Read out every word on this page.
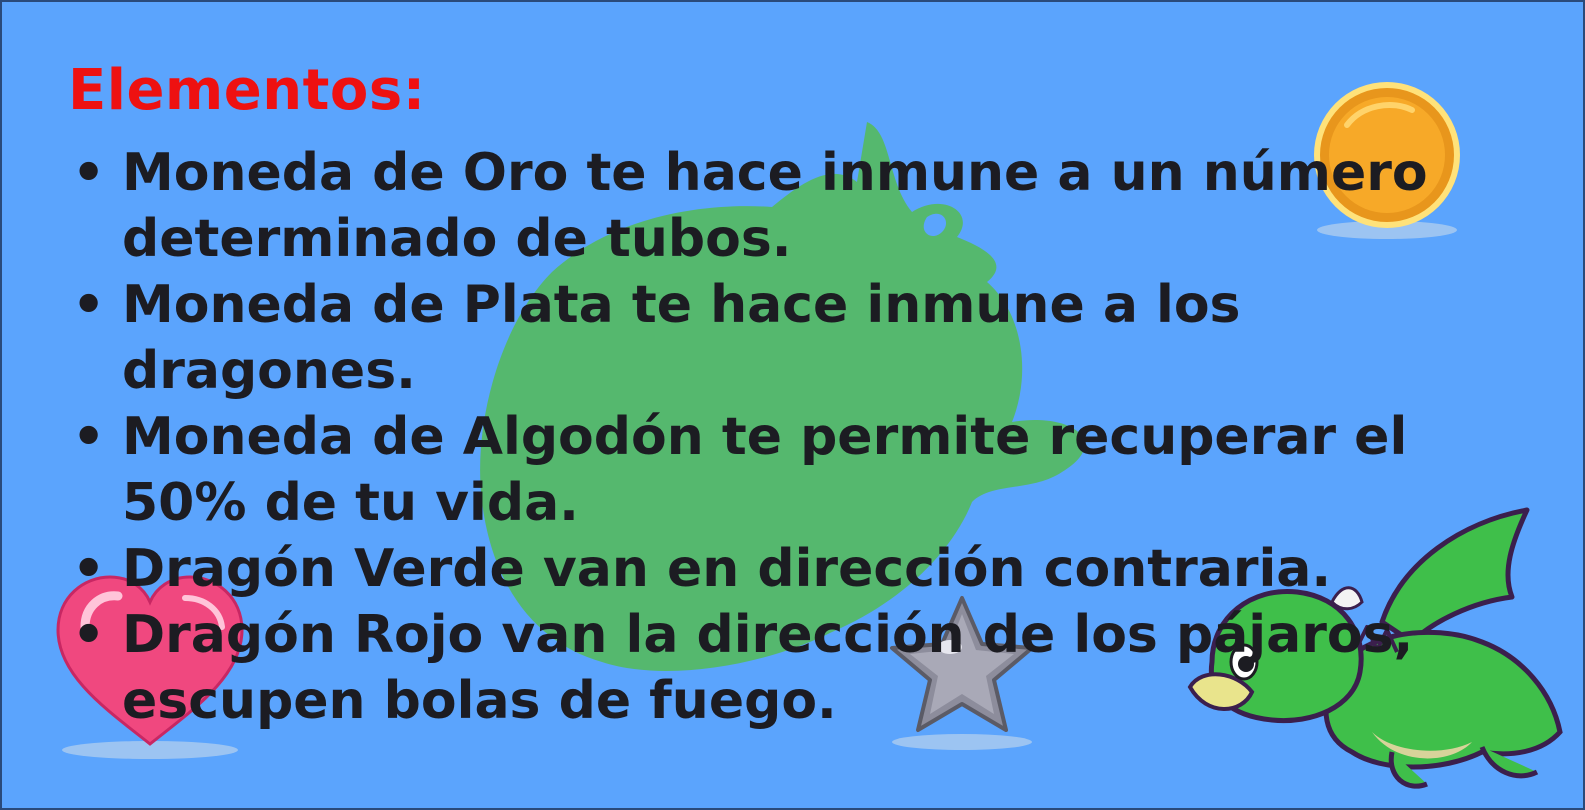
Elementos:
• Moneda de Oro te hace inmune a un número determinado de tubos.
• Moneda de Plata te hace inmune a los dragones.
• Moneda de Algodón te permite recuperar el 50% de tu vida.
• Dragón Verde van en dirección contraria.
• Dragón Rojo van la dirección de los pájaros, escupen bolas de fuego.
